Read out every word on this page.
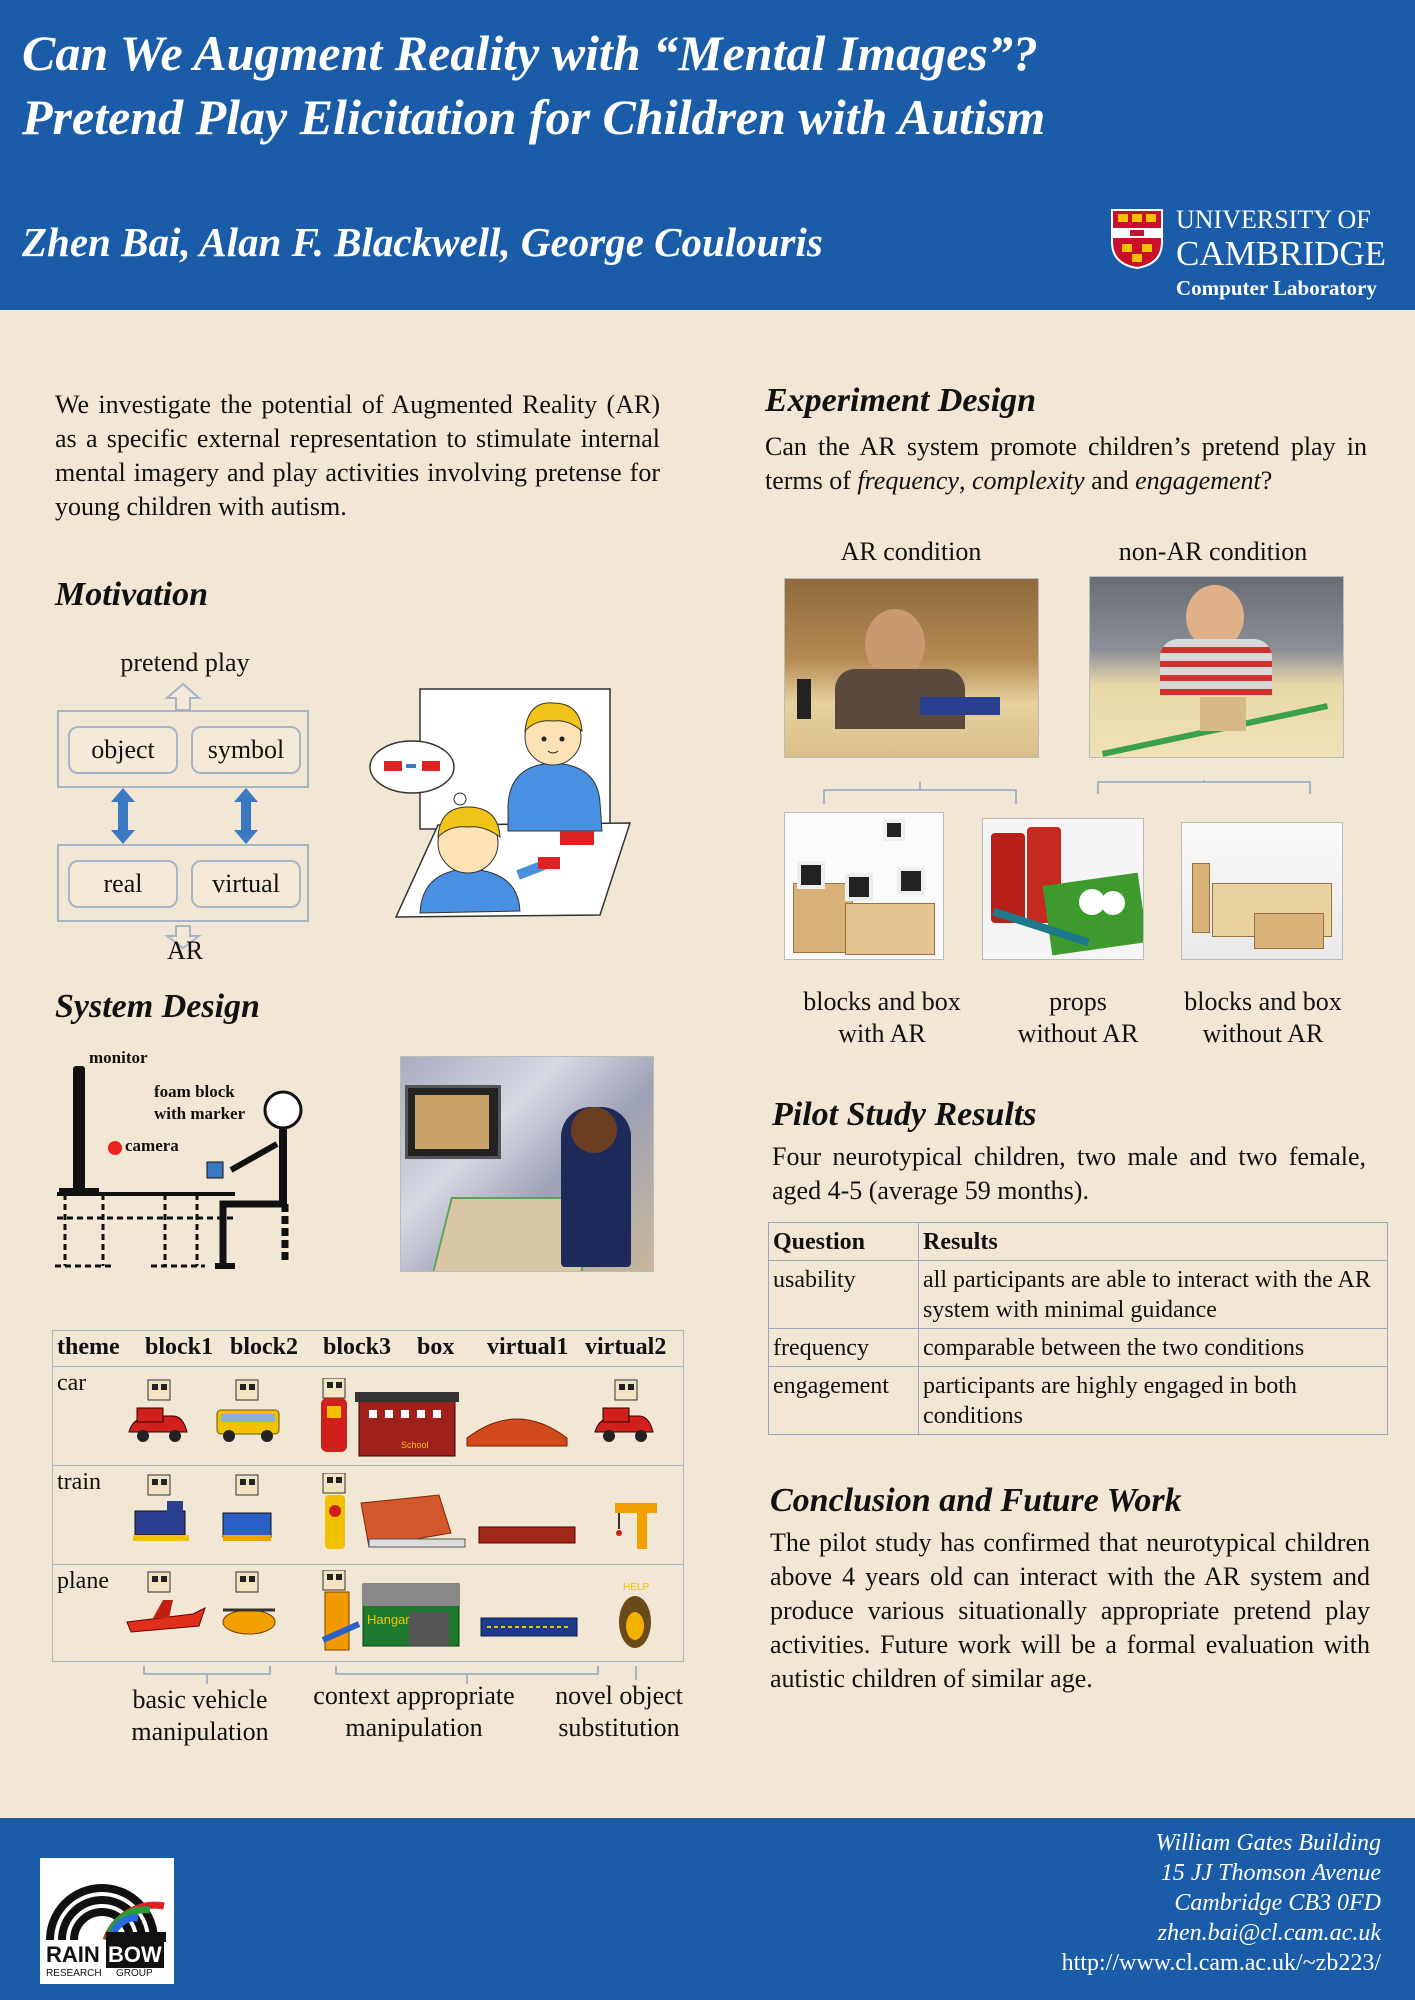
Can We Augment Reality with “Mental Images”?
Pretend Play Elicitation for Children with Autism
Zhen Bai, Alan F. Blackwell, George Coulouris	UNIVERSITY OF
CAMBRIDGE
Computer Laboratory
We investigate the potential of Augmented Reality (AR) as a specific external representation to stimulate internal mental imagery and play activities involving pretense for young children with autism.
Motivation
pretend play
object	symbol
real	virtual
AR
System Design
monitor
foam block
with marker
camera
theme block1 block2 block3 box virtual1 virtual2
car
School
train
plane
Hangar
HELP
basic vehicle
manipulation
context appropriate
manipulation
novel object
substitution
Experiment Design
Can the AR system promote children’s pretend play in terms of frequency, complexity and engagement?
AR condition	non-AR condition
blocks and box
with AR
props
without AR
blocks and box
without AR
Pilot Study Results
Four neurotypical children, two male and two female, aged 4-5 (average 59 months).
Question	Results
usability	all participants are able to interact with the AR system with minimal guidance
frequency	comparable between the two conditions
engagement	participants are highly engaged in both conditions
Conclusion and Future Work
The pilot study has confirmed that neurotypical children above 4 years old can interact with the AR system and produce various situationally appropriate pretend play activities. Future work will be a formal evaluation with autistic children of similar age.
RAIN BOW
RESEARCH GROUP
William Gates Building
15 JJ Thomson Avenue
Cambridge CB3 0FD
zhen.bai@cl.cam.ac.uk
http://www.cl.cam.ac.uk/~zb223/
